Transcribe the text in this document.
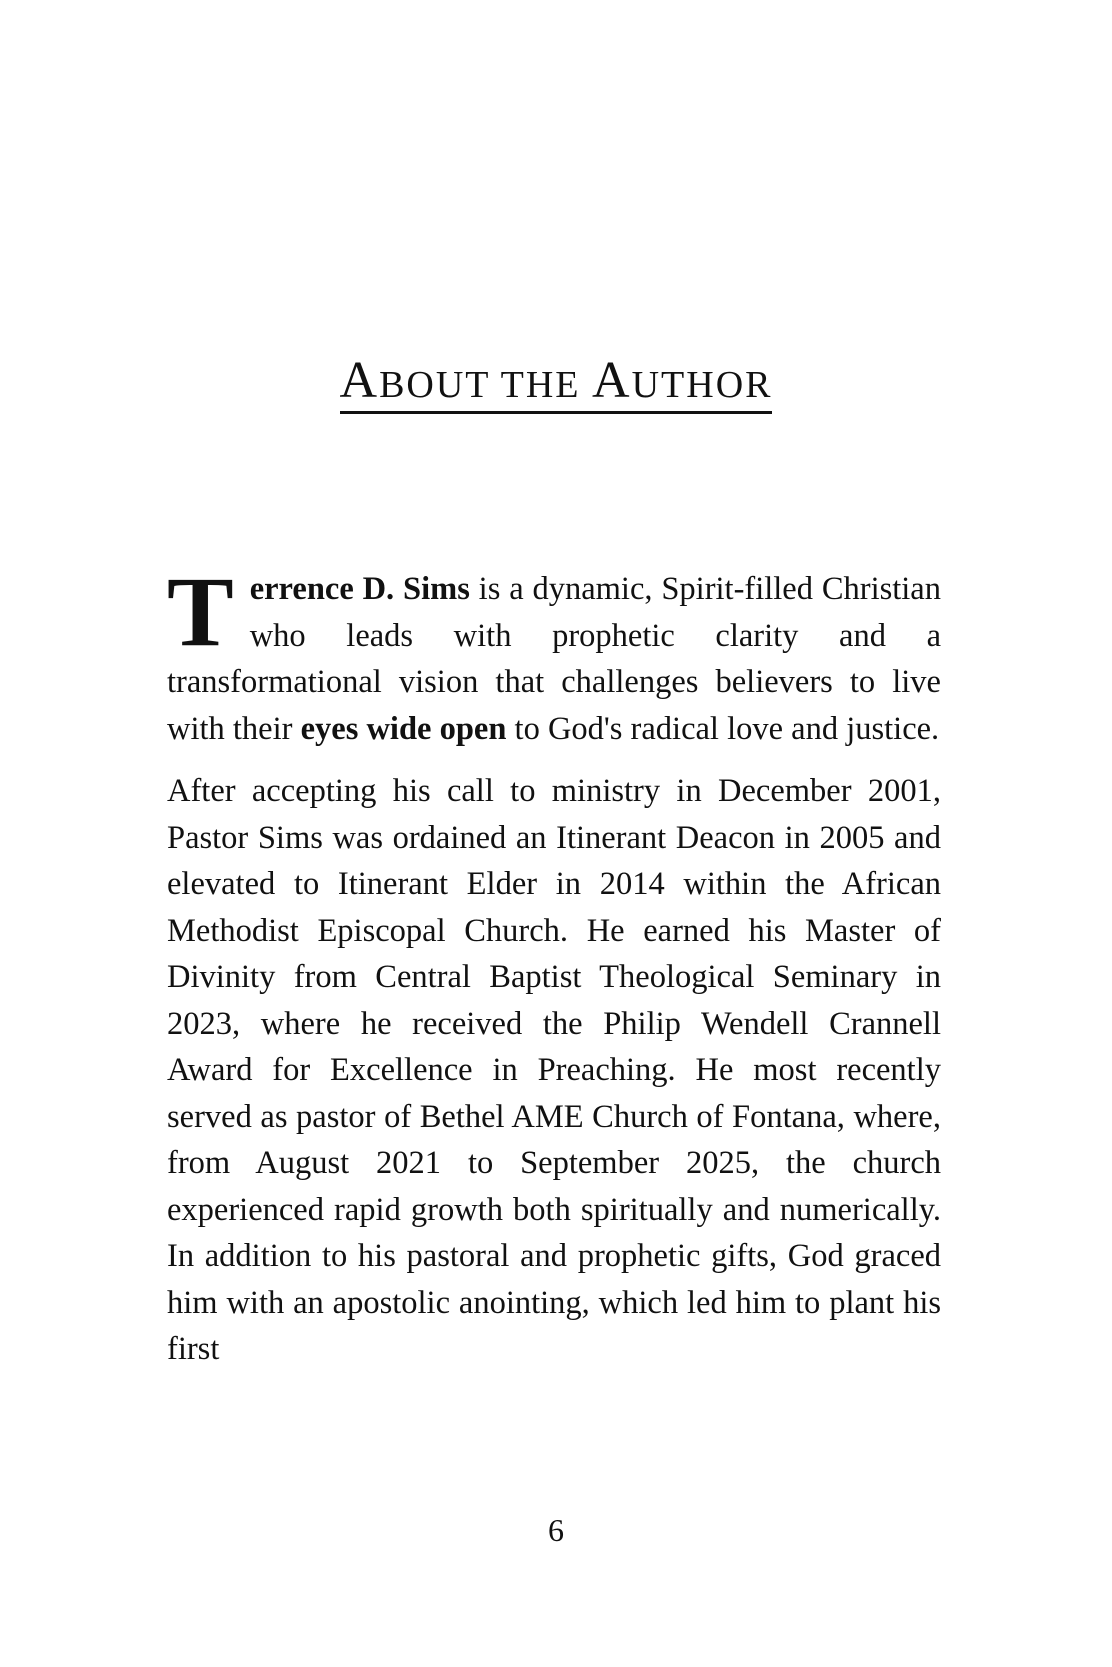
ABOUT THE AUTHOR

Terrence D. Sims is a dynamic, Spirit-filled Christian who leads with prophetic clarity and a transformational vision that challenges believers to live with their eyes wide open to God's radical love and justice.

After accepting his call to ministry in December 2001, Pastor Sims was ordained an Itinerant Deacon in 2005 and elevated to Itinerant Elder in 2014 within the African Methodist Episcopal Church. He earned his Master of Divinity from Central Baptist Theological Seminary in 2023, where he received the Philip Wendell Crannell Award for Excellence in Preaching. He most recently served as pastor of Bethel AME Church of Fontana, where, from August 2021 to September 2025, the church experienced rapid growth both spiritually and numerically. In addition to his pastoral and prophetic gifts, God graced him with an apostolic anointing, which led him to plant his first

6
